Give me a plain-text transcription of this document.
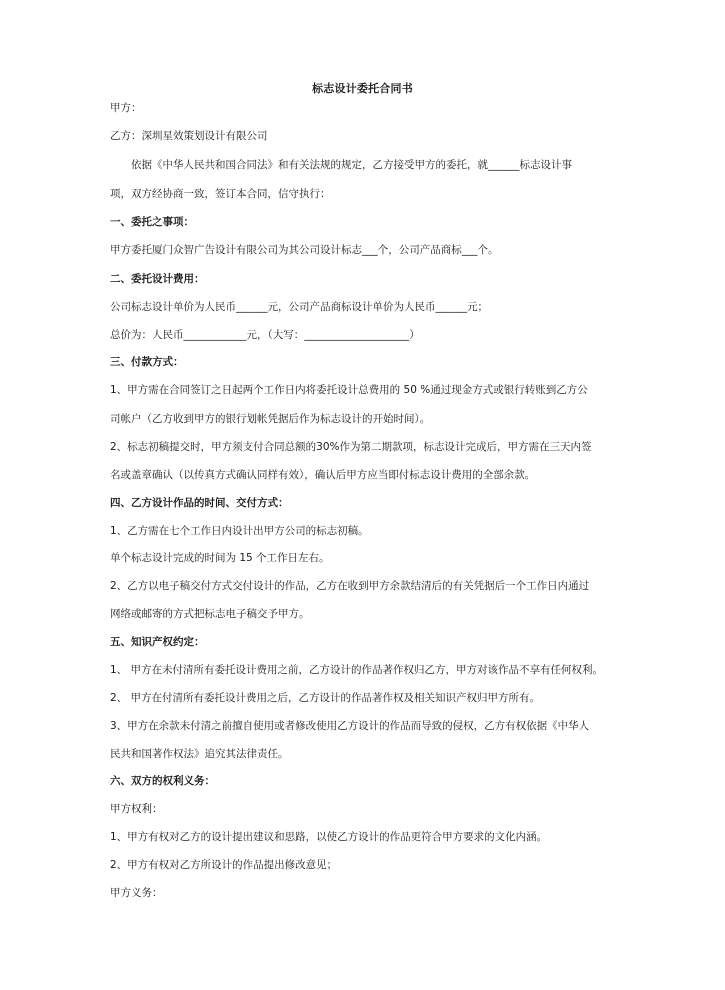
标志设计委托合同书
甲方：
乙方：深圳星效策划设计有限公司
依据《中华人民共和国合同法》和有关法规的规定，乙方接受甲方的委托，就______标志设计事
项，双方经协商一致，签订本合同，信守执行：
一、委托之事项：
甲方委托厦门众智广告设计有限公司为其公司设计标志___个，公司产品商标___个。
二、委托设计费用：
公司标志设计单价为人民币______元，公司产品商标设计单价为人民币______元；
总价为：人民币____________元，（大写：____________________）
三、付款方式：
1、甲方需在合同签订之日起两个工作日内将委托设计总费用的 50 %通过现金方式或银行转账到乙方公
司帐户（乙方收到甲方的银行划帐凭据后作为标志设计的开始时间）。
2、标志初稿提交时，甲方须支付合同总额的30%作为第二期款项，标志设计完成后，甲方需在三天内签
名或盖章确认（以传真方式确认同样有效），确认后甲方应当即付标志设计费用的全部余款。
四、乙方设计作品的时间、交付方式：
1、乙方需在七个工作日内设计出甲方公司的标志初稿。
单个标志设计完成的时间为 15 个工作日左右。
2、乙方以电子稿交付方式交付设计的作品，乙方在收到甲方余款结清后的有关凭据后一个工作日内通过
网络或邮寄的方式把标志电子稿交予甲方。
五、知识产权约定：
1、 甲方在未付清所有委托设计费用之前，乙方设计的作品著作权归乙方，甲方对该作品不享有任何权利。
2、 甲方在付清所有委托设计费用之后，乙方设计的作品著作权及相关知识产权归甲方所有。
3、甲方在余款未付清之前擅自使用或者修改使用乙方设计的作品而导致的侵权，乙方有权依据《中华人
民共和国著作权法》追究其法律责任。
六、双方的权利义务：
甲方权利：
1、甲方有权对乙方的设计提出建议和思路，以使乙方设计的作品更符合甲方要求的文化内涵。
2、甲方有权对乙方所设计的作品提出修改意见；
甲方义务：
